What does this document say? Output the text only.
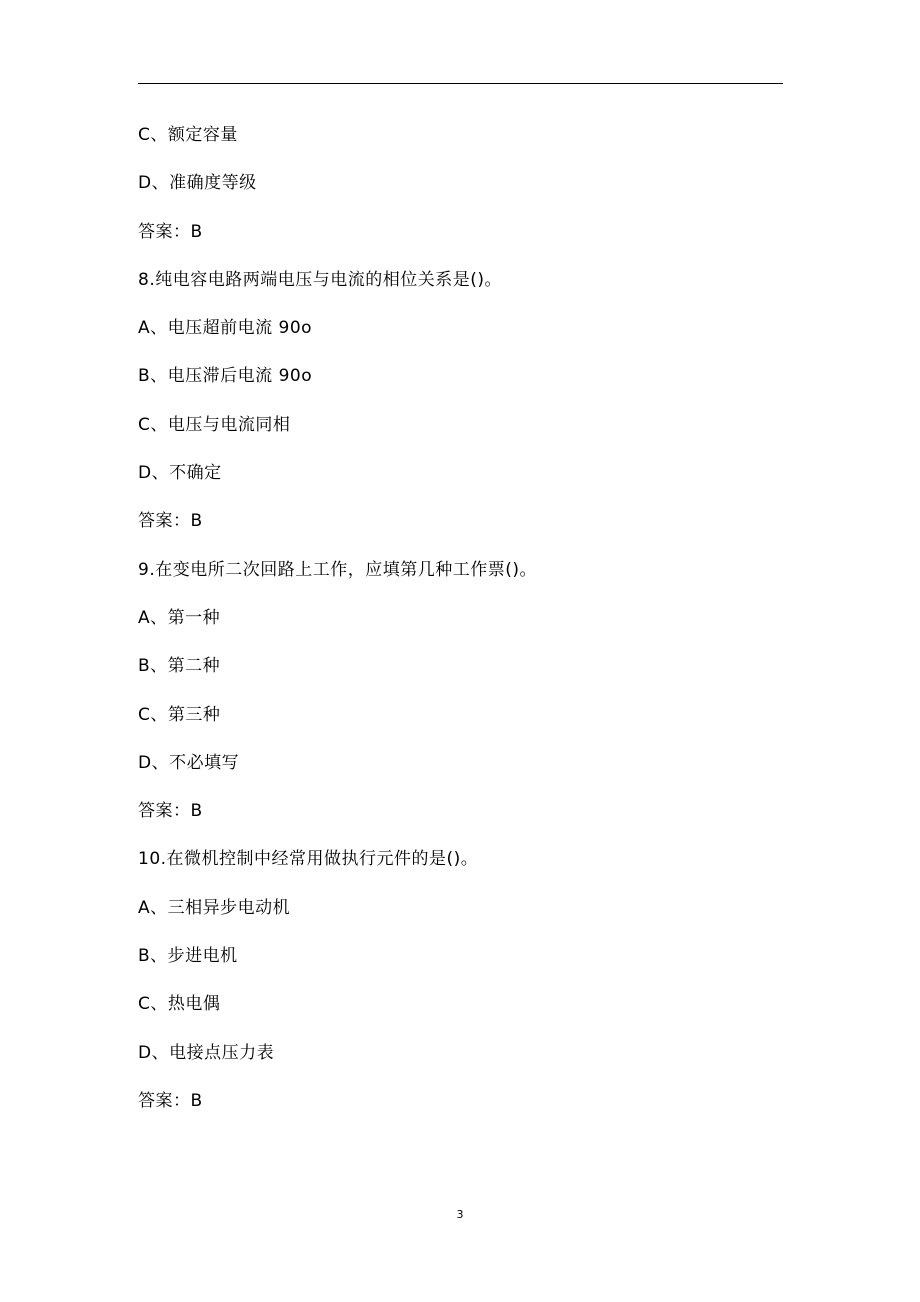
C、额定容量
D、准确度等级
答案：B
8.纯电容电路两端电压与电流的相位关系是()。
A、电压超前电流 90o
B、电压滞后电流 90o
C、电压与电流同相
D、不确定
答案：B
9.在变电所二次回路上工作，应填第几种工作票()。
A、第一种
B、第二种
C、第三种
D、不必填写
答案：B
10.在微机控制中经常用做执行元件的是()。
A、三相异步电动机
B、步进电机
C、热电偶
D、电接点压力表
答案：B
3
